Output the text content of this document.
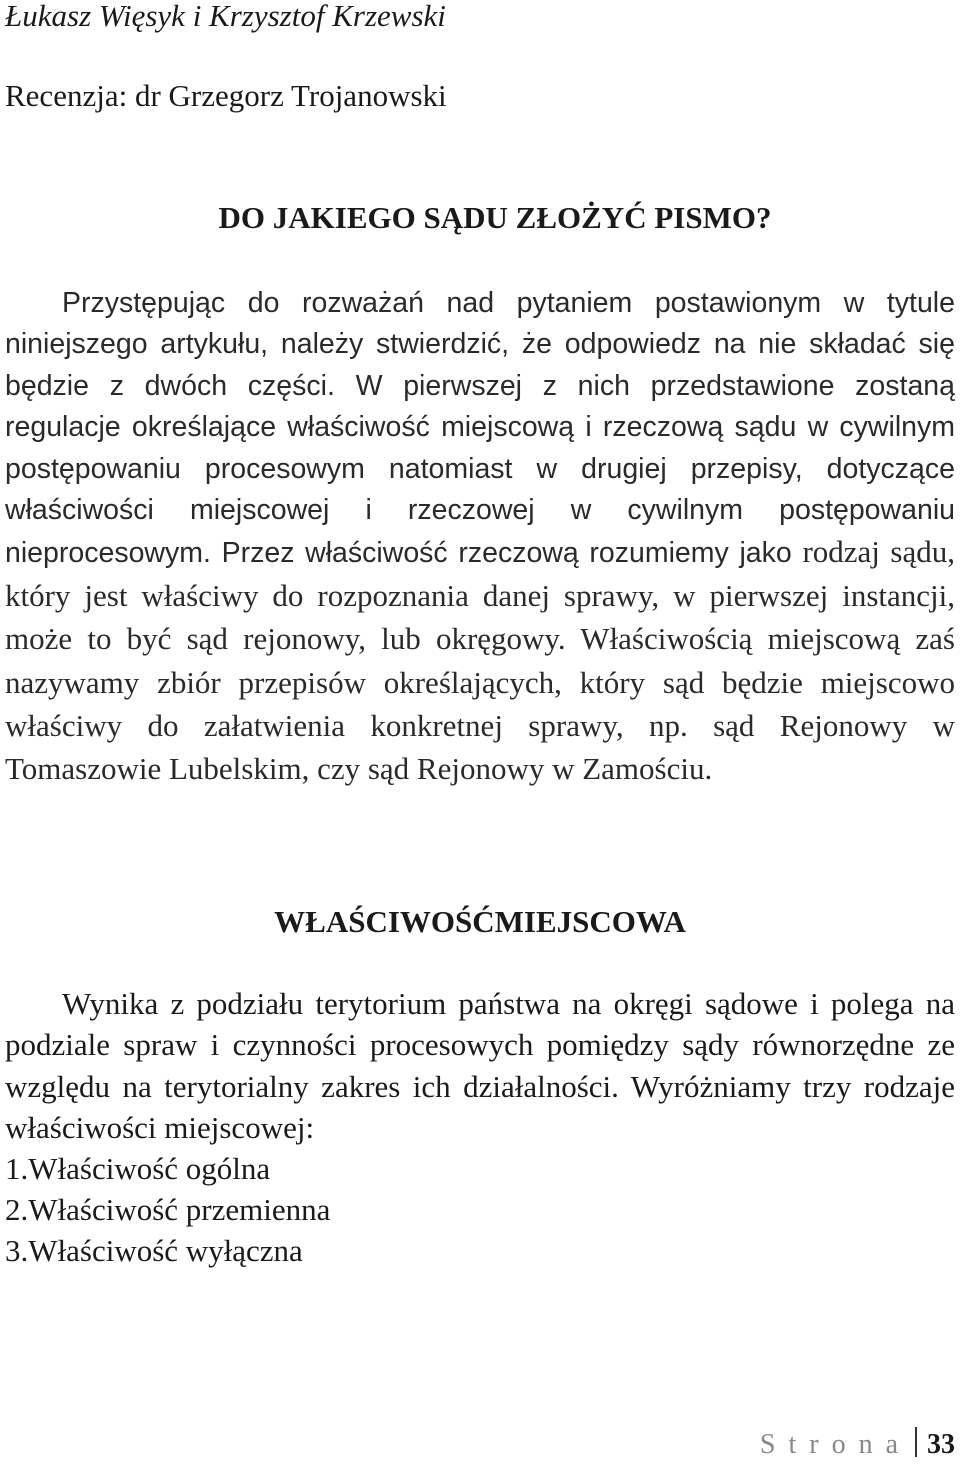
Łukasz Więsyk i Krzysztof Krzewski
Recenzja: dr Grzegorz Trojanowski
DO JAKIEGO SĄDU ZŁOŻYĆ PISMO?
Przystępując do rozważań nad pytaniem postawionym w tytule niniejszego artykułu, należy stwierdzić, że odpowiedz na nie składać się będzie z dwóch części. W pierwszej z nich przedstawione zostaną regulacje określające właściwość miejscową i rzeczową sądu w cywilnym postępowaniu procesowym natomiast w drugiej przepisy, dotyczące właściwości miejscowej i rzeczowej w cywilnym postępowaniu nieprocesowym. Przez właściwość rzeczową rozumiemy jako rodzaj sądu, który jest właściwy do rozpoznania danej sprawy, w pierwszej instancji, może to być sąd rejonowy, lub okręgowy. Właściwością miejscową zaś nazywamy zbiór przepisów określających, który sąd będzie miejscowo właściwy do załatwienia konkretnej sprawy, np. sąd Rejonowy w Tomaszowie Lubelskim, czy sąd Rejonowy w Zamościu.
WŁAŚCIWOŚĆMIEJSCOWA
Wynika z podziału terytorium państwa na okręgi sądowe i polega na podziale spraw i czynności procesowych pomiędzy sądy równorzędne ze względu na terytorialny zakres ich działalności. Wyróżniamy trzy rodzaje właściwości miejscowej:
1.Właściwość ogólna
2.Właściwość przemienna
3.Właściwość wyłączna
Strona 33
